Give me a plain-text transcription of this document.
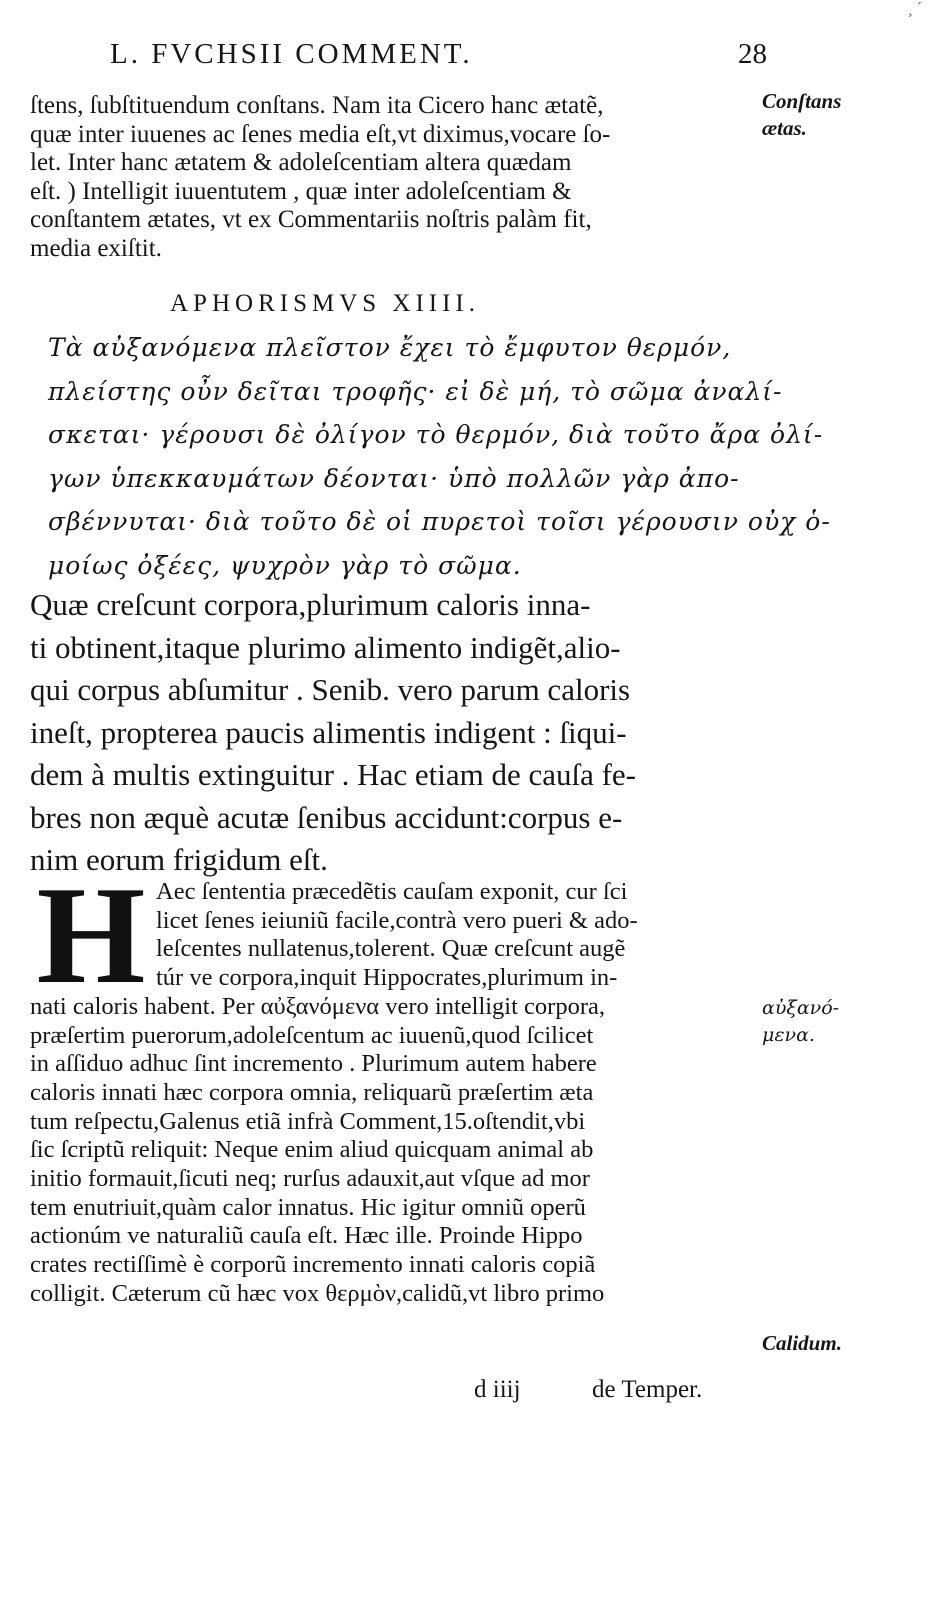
¸ ´
L. FVCHSII COMMENT.	28
ſtens, ſubſtituendum conſtans. Nam ita Cicero hanc ætatẽ,
quæ inter iuuenes ac ſenes media eſt,vt diximus,vocare ſo-
let. Inter hanc ætatem & adoleſcentiam altera quædam
eſt. ) Intelligit iuuentutem , quæ inter adoleſcentiam &
conſtantem ætates, vt ex Commentariis noſtris palàm fit,
media exiſtit.
Conſtans
ætas.
APHORISMVS XIIII.
Τὰ αὐξανόμενα πλεῖστον ἔχει τὸ ἔμφυτον θερμόν,
πλείστης οὖν δεῖται τροφῆς· εἰ δὲ μή, τὸ σῶμα ἀναλί-
σκεται· γέρουσι δὲ ὀλίγον τὸ θερμόν, διὰ τοῦτο ἄρα ὀλί-
γων ὑπεκκαυμάτων δέονται· ὑπὸ πολλῶν γὰρ ἀπο-
σβέννυται· διὰ τοῦτο δὲ οἱ πυρετοὶ τοῖσι γέρουσιν οὐχ ὁ-
μοίως ὀξέες, ψυχρὸν γὰρ τὸ σῶμα.
Quæ creſcunt corpora,plurimum caloris inna-
ti obtinent,itaque plurimo alimento indigẽt,alio-
qui corpus abſumitur . Senib. vero parum caloris
ineſt, propterea paucis alimentis indigent : ſiqui-
dem à multis extinguitur . Hac etiam de cauſa fe-
bres non æquè acutæ ſenibus accidunt:corpus e-
nim eorum frigidum eſt.
H Aec ſententia præcedẽtis cauſam exponit, cur ſci
licet ſenes ieiuniũ facile,contrà vero pueri & ado-
leſcentes nullatenus,tolerent. Quæ creſcunt augẽ
túr ve corpora,inquit Hippocrates,plurimum in-
nati caloris habent. Per αὐξανόμενα vero intelligit corpora,
præſertim puerorum,adoleſcentum ac iuuenũ,quod ſcilicet
in aſſiduo adhuc ſint incremento . Plurimum autem habere
caloris innati hæc corpora omnia, reliquarũ præſertim æta
tum reſpectu,Galenus etiã infrà Comment,15.oſtendit,vbi
ſic ſcriptũ reliquit: Neque enim aliud quicquam animal ab
initio formauit,ſicuti neq; rurſus adauxit,aut vſque ad mor
tem enutriuit,quàm calor innatus. Hic igitur omniũ operũ
actionúm ve naturaliũ cauſa eſt. Hæc ille. Proinde Hippo
crates rectiſſimè è corporũ incremento innati caloris copiã
colligit. Cæterum cũ hæc vox θερμὸν,calidũ,vt libro primo
αὐξανό-
μενα.
Calidum.
d iiij	de Temper.
